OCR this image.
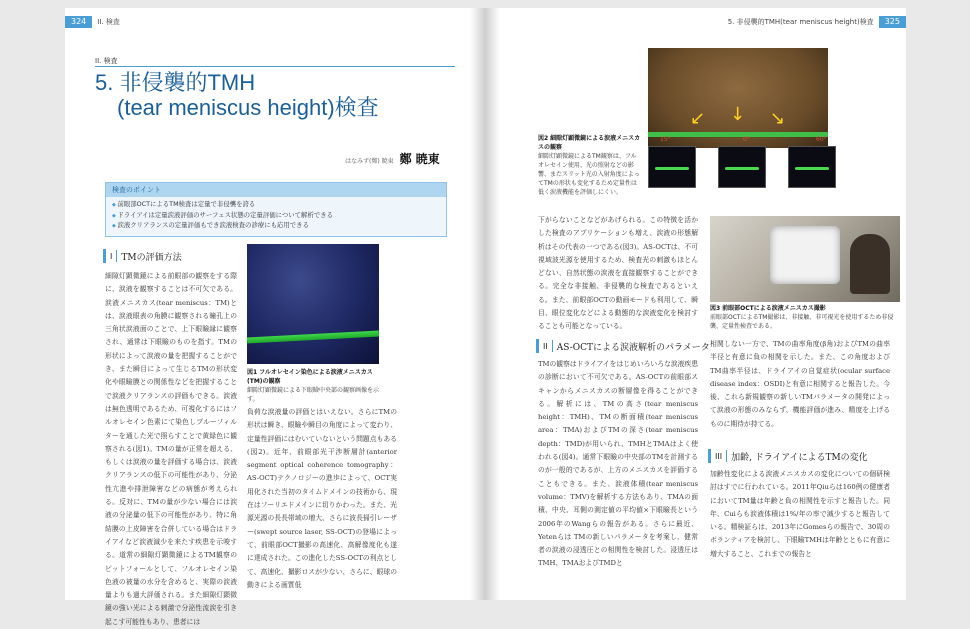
324	II. 検査
II. 検査
5. 非侵襲的TMH
(tear meniscus height)検査
はなみず(鄭) 暁東 鄭 暁東
検査のポイント
◆ 前眼部OCTによるTM検査は定量で非侵襲を誇る
◆ ドライアイは定量涙液評価のサーフェス状態の定量評価について解析できる
◆ 涙液クリアランスの定量評価もでき涙液検査の診療にも応用できる
I TMの評価方法
細隙灯顕微鏡による前眼部の観察をする際に、涙液を観察することは不可欠である。涙液メニスカス(tear meniscus：TM)とは、涙液眼表の角膜に観察される瞳孔上の三角状涙液面のことで、上下眼瞼縁に観察され、通常は下眼瞼のものを指す。TMの形状によって涙液の量を把握することができ、また瞬目によって生じるTMの形状変化や眼瞼膜との関係性などを把握することで涙液クリアランスの評価もできる。涙液は無色透明であるため、可視化するにはフルオレセイン色素にて染色しブルーフィルターを通した光で照らすことで黄緑色に観察される(図1)。TMの量が正常を超える、もしくは涙液の量を評価する場合は、涙液クリアランスの低下の可能性があり、分泌性亢進や排泄障害などの病態が考えられる。反対に、TMの量が少ない場合には涙液の分泌量の低下の可能性があり、特に角結膜の上皮障害を合併している場合はドライアイなど涙液減少を来たす疾患を示唆する。道常の細隙灯顕微鏡によるTM観察のピットフォールとして、フルオレセイン染色液の被量の水分を含めると、実際の涙液量よりも過大評価される。また細隙灯顕微鏡の強い光による刺激で分泌性流涙を引き起こす可能性もあり、患者には
図1 フルオレセイン染色による涙液メニスカス(TM)の観察
細隙灯顕微鏡による下眼瞼中央部の観察画像を示す。
負荷な涙液量の評価とはいえない。さらにTMの形状は瞬き、眼瞼や瞬目の角度によって変わり、定量性評価にはむいていないという問題点もある(図2)。近年、前眼部光干渉断層計(anterior segment optical coherence tomography：AS-OCT)テクノロジーの進歩によって、OCT実用化された当初のタイムドメインの技術から、現在はフーリエドメインに切りかわった。また、光源光源の長長帯域の増大、さらに波長掃引レーザー(swept source laser, SS-OCT)の登場によって、前眼部OCT撮影の高速化、高解像度化も遂に達成された。この進化したSS-OCTの利点として、高速化、撮影ロスが少ない、さらに、眼球の動きによる画質低
5. 非侵襲的TMH(tear meniscus height)検査	325
↙ ↓ ↘
15°	0°	60°
図2 細隙灯顕微鏡による涙液メニスカスの観察
細隙灯顕微鏡によるTM観察は、フルオレセイン使用、光の照射などの影響、またスリット光の入射角度によってTMの形状も変化するため定量性は低く涙液機能を評価しにくい。
下がらないことなどがあげられる。この特徴を活かした検査のアプリケーションも増え、涙液の形態解析はその代表の一つである(図3)。AS-OCTは、不可視域波光源を使用するため、検査光の刺激もほとんどない、自然状態の涙液を直接観察することができる。完全な非接触、非侵襲的な検査であるといえる。また、前眼部OCTの動画モードも利用して、瞬目、眼位変化などによる動態的な涙液変化を検討することも可能となっている。
II AS-OCTによる涙液解析のパラメータ
TMの観察はドライアイをはじめいろいろな涙液疾患の診断において不可欠である。AS-OCTの前眼部スキャンからメニスカスの断層像を得ることができる。解析には、TMの高さ(tear meniscus height：TMH)、TMの断面積(tear meniscus area：TMA)およびTMの深さ(tear meniscus depth：TMD)が用いられ、TMHとTMAはよく使われる(図4)。通常下眼瞼の中央部のTMを計測するのが一般的であるが、上方のメニスカスを評価することもできる。また、涙液体積(tear meniscus volume：TMV)を解析する方法もあり、TMAの面積、中央、耳側の測定値の平均値×下眼瞼長という2006年のWangらの報告がある。さらに最近、Yetenらは TMの新しいパラメータを考案し、健常者の涙液の浸透圧との相関性を検討した。浸透圧はTMH、TMAおよびTMDと
図3 前眼部OCTによる涙液メニスカス撮影
前眼部OCTによるTM撮影は、非接触、非可視光を使用するため非侵襲、定量性検査である。
相関しない一方で、TMの曲率角度(β角)およびTMの曲率半径と有意に負の相関を示した。また、この角度およびTM曲率半径は、ドライアイの自覚症状(ocular surface disease index：OSDI)と有意に相関すると報告した。今後、これら新規観察の新しいTMパラメータの開発によって涙液の形態のみならず、機能評価が進み、精度を上げるものに期待が持てる。
III 加齢, ドライアイによるTMの変化
加齢性変化による涙液メニスカスの変化についての個研検討はすでに行われている。2011年Qiuらは160例の健康者においてTM量は年齢と負の相関性を示すと報告した。同年、Cuiらも涙液体積は1%/年の率で減少すると報告している。精検証らは、2013年にGomesらの報告で、30周のボランティアを検討し、下眼瞼TMHは年齢とともに有意に増大すること、これまでの報告と
